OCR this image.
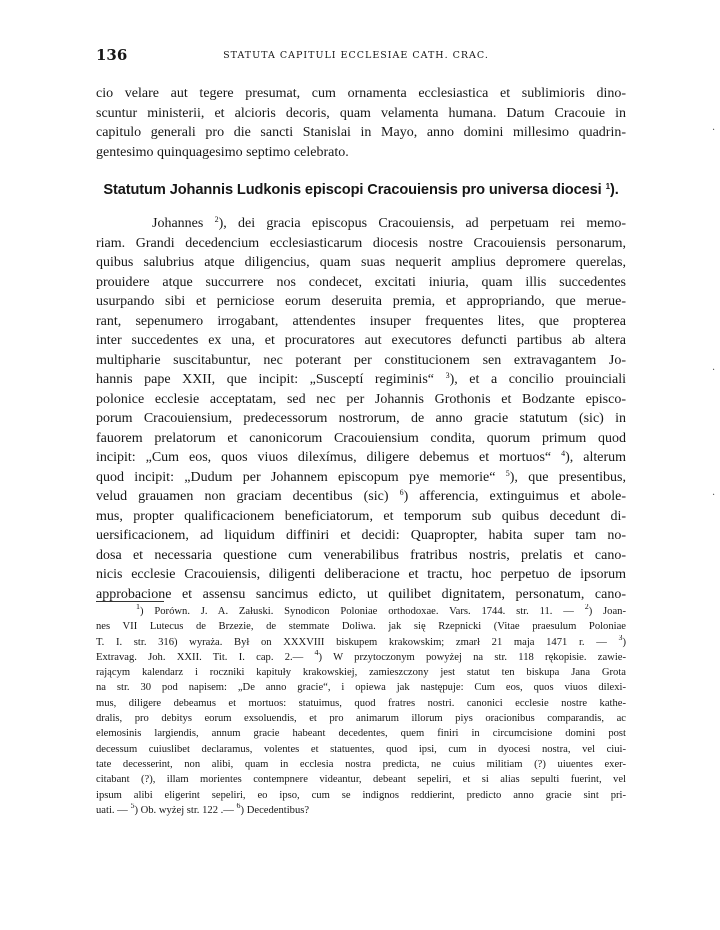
136	STATUTA CAPITULI ECCLESIAE CATH. CRAC.
cio velare aut tegere presumat, cum ornamenta ecclesiastica et sublimioris dino-
scuntur ministerii, et alcioris decoris, quam velamenta humana. Datum Cracouie in
capitulo generali pro die sancti Stanislai in Mayo, anno domini millesimo quadrin-
gentesimo quinquagesimo septimo celebrato.
Statutum Johannis Ludkonis episcopi Cracouiensis pro universa diocesi $^1$).
Johannes $^2$), dei gracia episcopus Cracouiensis, ad perpetuam rei memo-
riam. Grandi decedencium ecclesiasticarum diocesis nostre Cracouiensis personarum,
quibus salubrius atque diligencius, quam suas nequerit amplius depromere querelas,
prouidere atque succurrere nos condecet, excitati iniuria, quam illis succedentes
usurpando sibi et perniciose eorum deseruita premia, et appropriando, que merue-
rant, sepenumero irrogabant, attendentes insuper frequentes lites, que propterea
inter succedentes ex una, et procuratores aut executores defuncti partibus ab altera
multipharie suscitabuntur, nec poterant per constitucionem sen extravagantem Jo-
hannis pape XXII, que incipit: „Susceptí regiminis“ $^3$), et a concilio prouinciali
polonice ecclesie acceptatam, sed nec per Johannis Grothonis et Bodzante episco-
porum Cracouiensium, predecessorum nostrorum, de anno gracie statutum (sic) in
fauorem prelatorum et canonicorum Cracouiensium condita, quorum primum quod
incipit: „Cum eos, quos viuos dilexímus, diligere debemus et mortuos“ $^4$), alterum
quod incipit: „Dudum per Johannem episcopum pye memorie“ $^5$), que presentibus,
velud grauamen non graciam decentibus (sic) $^6$) afferencia, extinguimus et abole-
mus, propter qualificacionem beneficiatorum, et temporum sub quibus decedunt di-
uersificacionem, ad liquidum diffiniri et decidi: Quapropter, habita super tam no-
dosa et necessaria questione cum venerabilibus fratribus nostris, prelatis et cano-
nicis ecclesie Cracouiensis, diligenti deliberacione et tractu, hoc perpetuo de ipsorum
approbacione et assensu sancimus edicto, ut quilibet dignitatem, personatum, cano-
$^1$) Porówn. J. A. Załuski. Synodicon Poloniae orthodoxae. Vars. 1744. str. 11. — $^2$) Joan-
nes VII Lutecus de Brzezie, de stemmate Doliwa. jak się Rzepnicki (Vitae praesulum Poloniae
T. I. str. 316) wyraża. Był on XXXVIII biskupem krakowskim; zmarł 21 maja 1471 r. — $^3$)
Extravag. Joh. XXII. Tit. I. cap. 2.— $^4$) W przytoczonym powyżej na str. 118 rękopisie. zawie-
rającym kalendarz i roczniki kapituły krakowskiej, zamieszczony jest statut ten biskupa Jana Grota
na str. 30 pod napisem: „De anno gracie“, i opiewa jak następuje: Cum eos, quos viuos dilexi-
mus, diligere debeamus et mortuos: statuimus, quod fratres nostri. canonici ecclesie nostre kathe-
dralis, pro debitys eorum exsoluendis, et pro animarum illorum piys oracionibus comparandis, ac
elemosinis largiendis, annum gracie habeant decedentes, quem finiri in circumcisione domini post
decessum cuiuslibet declaramus, volentes et statuentes, quod ipsi, cum in dyocesi nostra, vel ciui-
tate decesserint, non alibi, quam in ecclesia nostra predicta, ne cuius militiam (?) uiuentes exer-
citabant (?), illam morientes contempnere videantur, debeant sepeliri, et si alias sepulti fuerint, vel
ipsum alibi eligerint sepeliri, eo ipso, cum se indignos reddierint, predicto anno gracie sint pri-
uati. — $^5$) Ob. wyżej str. 122 .— $^6$) Decedentibus?
·
·
·
